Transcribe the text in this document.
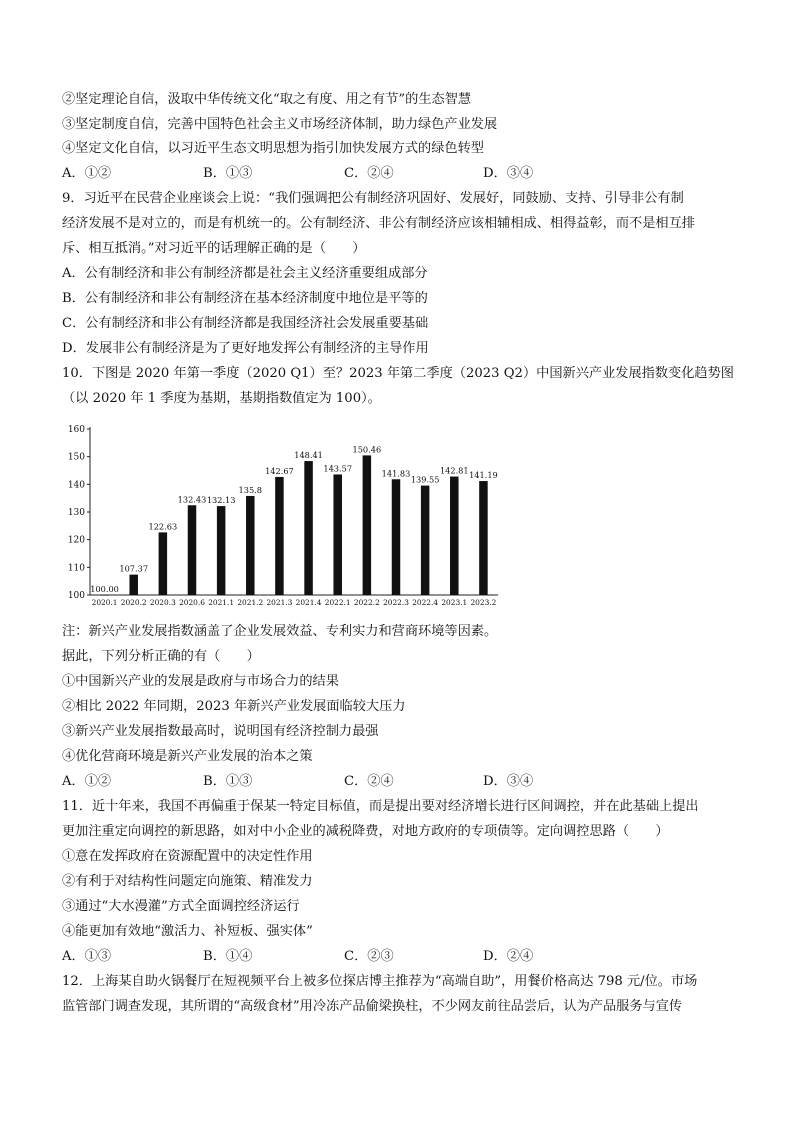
②坚定理论自信，汲取中华传统文化“取之有度、用之有节”的生态智慧
③坚定制度自信，完善中国特色社会主义市场经济体制，助力绿色产业发展
④坚定文化自信，以习近平生态文明思想为指引加快发展方式的绿色转型
A．①②	B．①③	C．②④	D．③④
9．习近平在民营企业座谈会上说：“我们强调把公有制经济巩固好、发展好，同鼓励、支持、引导非公有制
经济发展不是对立的，而是有机统一的。公有制经济、非公有制经济应该相辅相成、相得益彰，而不是相互排
斥、相互抵消。”对习近平的话理解正确的是（　　）
A．公有制经济和非公有制经济都是社会主义经济重要组成部分
B．公有制经济和非公有制经济在基本经济制度中地位是平等的
C．公有制经济和非公有制经济都是我国经济社会发展重要基础
D．发展非公有制经济是为了更好地发挥公有制经济的主导作用
10．下图是 2020 年第一季度（2020 Q1）至？2023 年第二季度（2023 Q2）中国新兴产业发展指数变化趋势图
（以 2020 年 1 季度为基期，基期指数值定为 100）。
100
110
120
130
140
150
160
100.00
107.37
122.63
132.43 132.13
135.8
142.67
148.41
143.57
150.46
141.83
139.55
142.81 141.19
2020.1 2020.2 2020.3 2020.6 2021.1 2021.2 2021.3 2021.4 2022.1 2022.2 2022.3 2022.4 2023.1 2023.2
注：新兴产业发展指数涵盖了企业发展效益、专利实力和营商环境等因素。
据此，下列分析正确的有（　　）
①中国新兴产业的发展是政府与市场合力的结果
②相比 2022 年同期，2023 年新兴产业发展面临较大压力
③新兴产业发展指数最高时，说明国有经济控制力最强
④优化营商环境是新兴产业发展的治本之策
A．①②	B．①③	C．②④	D．③④
11．近十年来，我国不再偏重于保某一特定目标值，而是提出要对经济增长进行区间调控，并在此基础上提出
更加注重定向调控的新思路，如对中小企业的减税降费，对地方政府的专项债等。定向调控思路（　　）
①意在发挥政府在资源配置中的决定性作用
②有利于对结构性问题定向施策、精准发力
③通过“大水漫灌”方式全面调控经济运行
④能更加有效地“激活力、补短板、强实体”
A．①③	B．①④	C．②③	D．②④
12．上海某自助火锅餐厅在短视频平台上被多位探店博主推荐为“高端自助”，用餐价格高达 798 元/位。市场
监管部门调查发现，其所谓的“高级食材”用冷冻产品偷梁换柱，不少网友前往品尝后，认为产品服务与宣传
